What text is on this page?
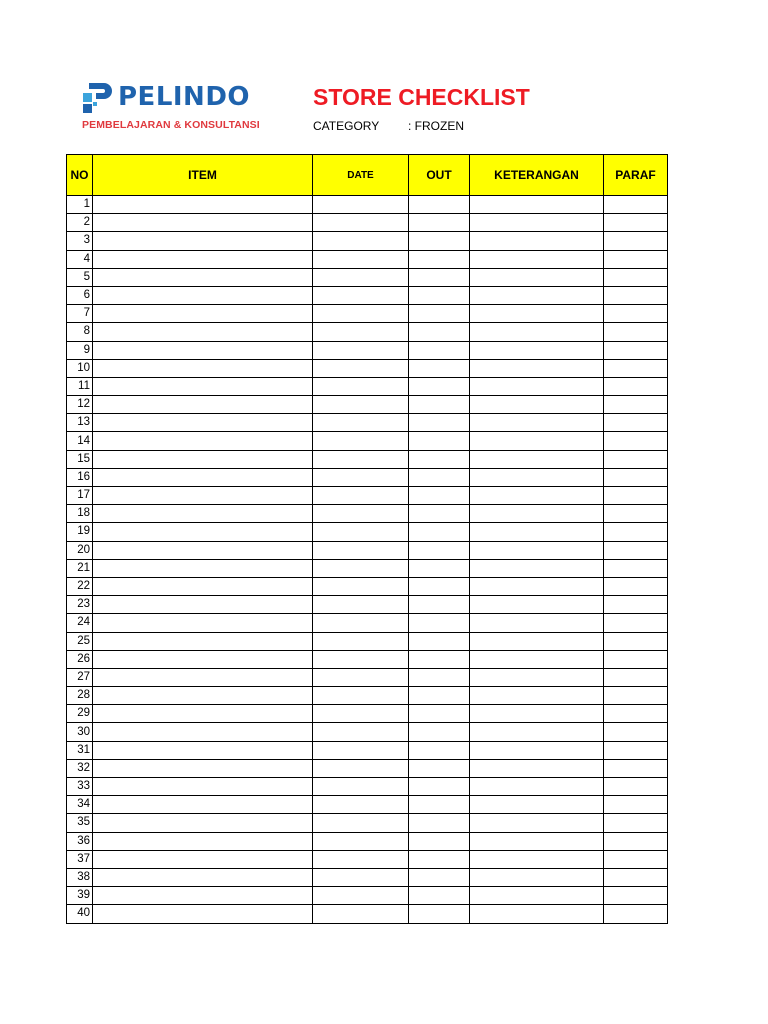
PELINDO
PEMBELAJARAN & KONSULTANSI
STORE CHECKLIST
CATEGORY : FROZEN
NO	ITEM	DATE	OUT	KETERANGAN	PARAF
1					
2					
3					
4					
5					
6					
7					
8					
9					
10					
11					
12					
13					
14					
15					
16					
17					
18					
19					
20					
21					
22					
23					
24					
25					
26					
27					
28					
29					
30					
31					
32					
33					
34					
35					
36					
37					
38					
39					
40					
